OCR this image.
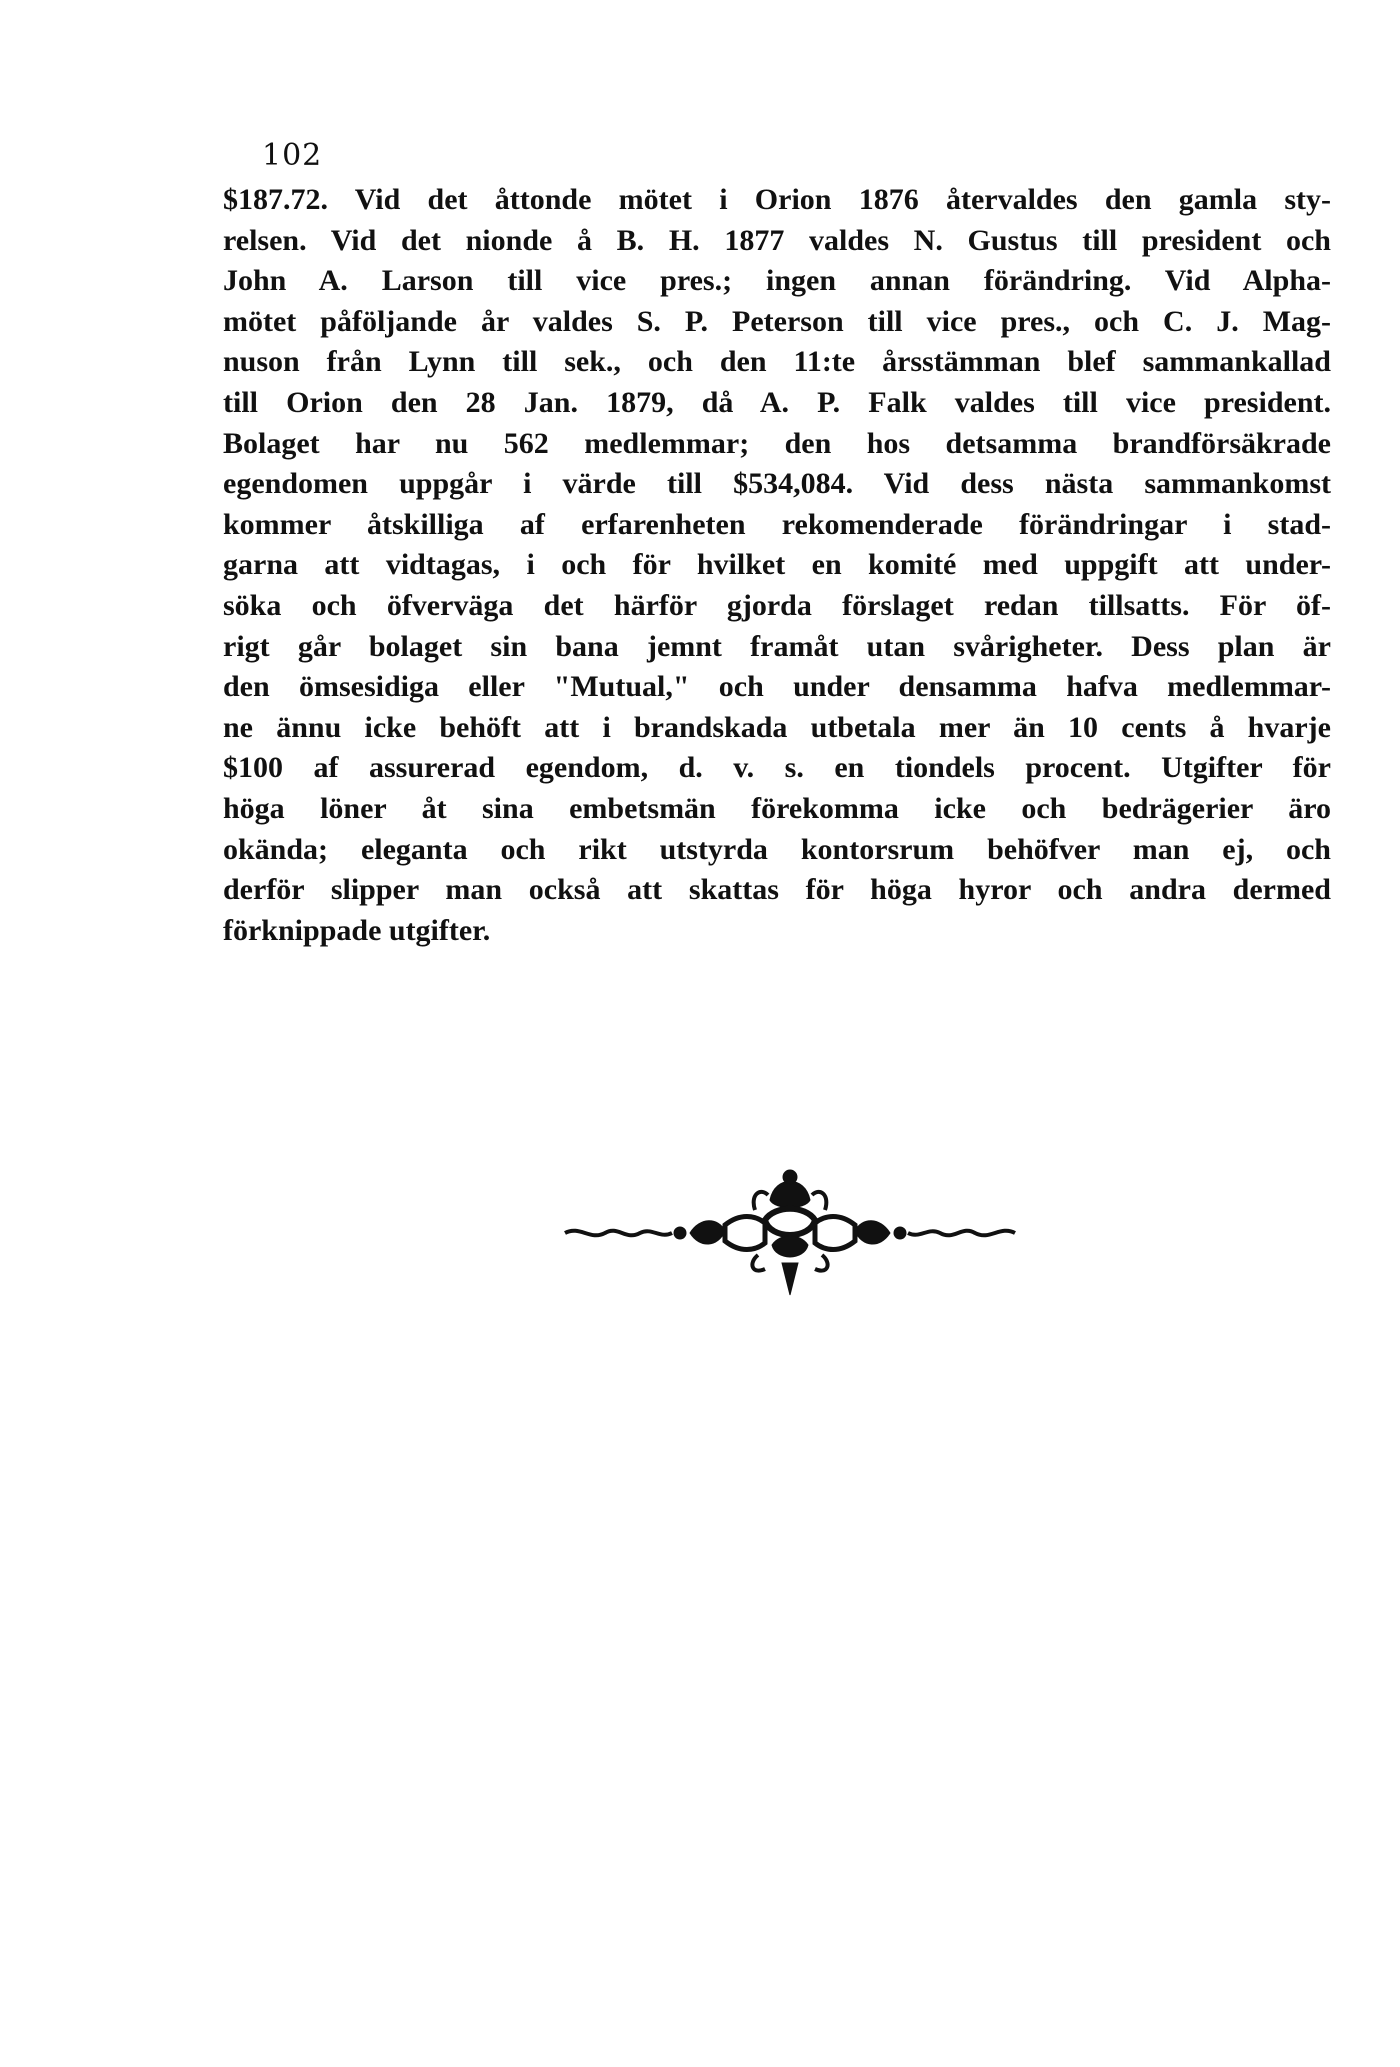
102
$187.72. Vid det åttonde mötet i Orion 1876 återvaldes den gamla sty-
relsen. Vid det nionde å B. H. 1877 valdes N. Gustus till president och
John A. Larson till vice pres.; ingen annan förändring. Vid Alpha-
mötet påföljande år valdes S. P. Peterson till vice pres., och C. J. Mag-
nuson från Lynn till sek., och den 11:te årsstämman blef sammankallad
till Orion den 28 Jan. 1879, då A. P. Falk valdes till vice president.
Bolaget har nu 562 medlemmar; den hos detsamma brandförsäkrade
egendomen uppgår i värde till $534,084. Vid dess nästa sammankomst
kommer åtskilliga af erfarenheten rekomenderade förändringar i stad-
garna att vidtagas, i och för hvilket en komité med uppgift att under-
söka och öfverväga det härför gjorda förslaget redan tillsatts. För öf-
rigt går bolaget sin bana jemnt framåt utan svårigheter. Dess plan är
den ömsesidiga eller "Mutual," och under densamma hafva medlemmar-
ne ännu icke behöft att i brandskada utbetala mer än 10 cents å hvarje
$100 af assurerad egendom, d. v. s. en tiondels procent. Utgifter för
höga löner åt sina embetsmän förekomma icke och bedrägerier äro
okända; eleganta och rikt utstyrda kontorsrum behöfver man ej, och
derför slipper man också att skattas för höga hyror och andra dermed
förknippade utgifter.
